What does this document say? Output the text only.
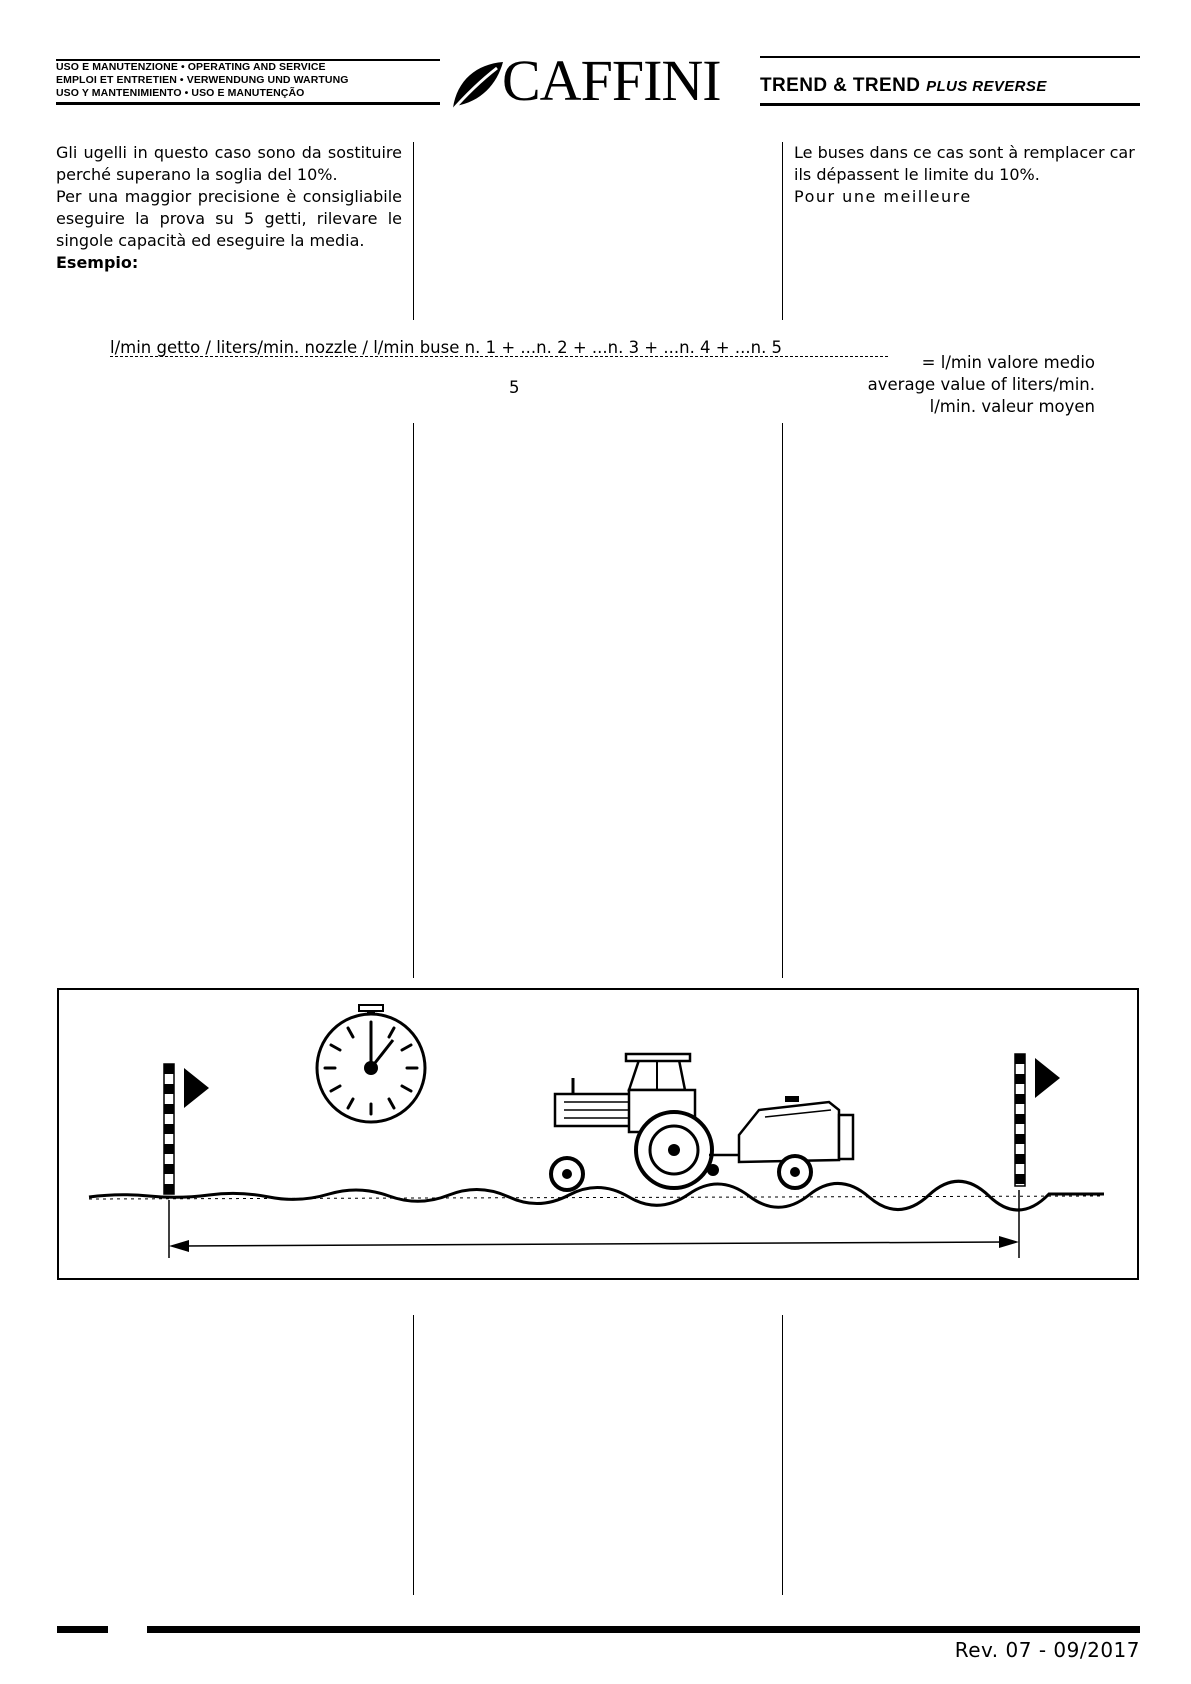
USO E MANUTENZIONE • OPERATING AND SERVICE
EMPLOI ET ENTRETIEN • VERWENDUNG UND WARTUNG
USO Y MANTENIMIENTO • USO E MANUTENÇÃO	CAFFINI TREND & TREND PLUS REVERSE
Gli ugelli in questo caso sono da sostituire perché superano la soglia del 10%.
Per una maggior precisione è consigliabile eseguire la prova su 5 getti, rilevare le singole capacità ed eseguire la media.
Esempio:
Le buses dans ce cas sont à remplacer car ils dépassent le limite du 10%.
Pour une meilleure
l/min getto / liters/min. nozzle / l/min buse n. 1 + ...n. 2 + ...n. 3 + ...n. 4 + ...n. 5
5
= l/min valore medio
average value of liters/min.
l/min. valeur moyen
Rev. 07 - 09/2017
